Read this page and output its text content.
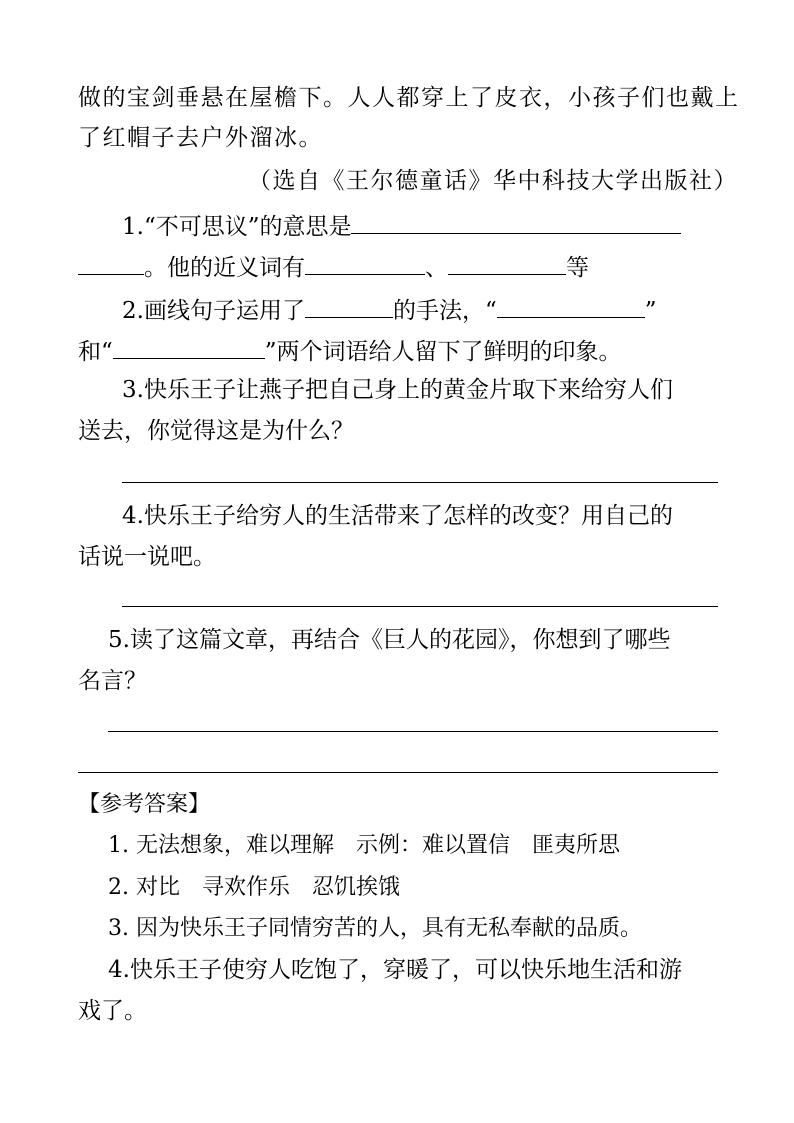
做的宝剑垂悬在屋檐下。人人都穿上了皮衣，小孩子们也戴上
了红帽子去户外溜冰。
（选自《王尔德童话》华中科技大学出版社）
1.“不可思议”的意思是
。他的近义词有	、	等
2.画线句子运用了	的手法，“	”
和“	”两个词语给人留下了鲜明的印象。
3.快乐王子让燕子把自己身上的黄金片取下来给穷人们
送去，你觉得这是为什么？
4.快乐王子给穷人的生活带来了怎样的改变？用自己的
话说一说吧。
5.读了这篇文章，再结合《巨人的花园》，你想到了哪些
名言？
【参考答案】
1. 无法想象，难以理解　示例：难以置信　匪夷所思
2. 对比　寻欢作乐　忍饥挨饿
3. 因为快乐王子同情穷苦的人，具有无私奉献的品质。
4.快乐王子使穷人吃饱了，穿暖了，可以快乐地生活和游
戏了。
